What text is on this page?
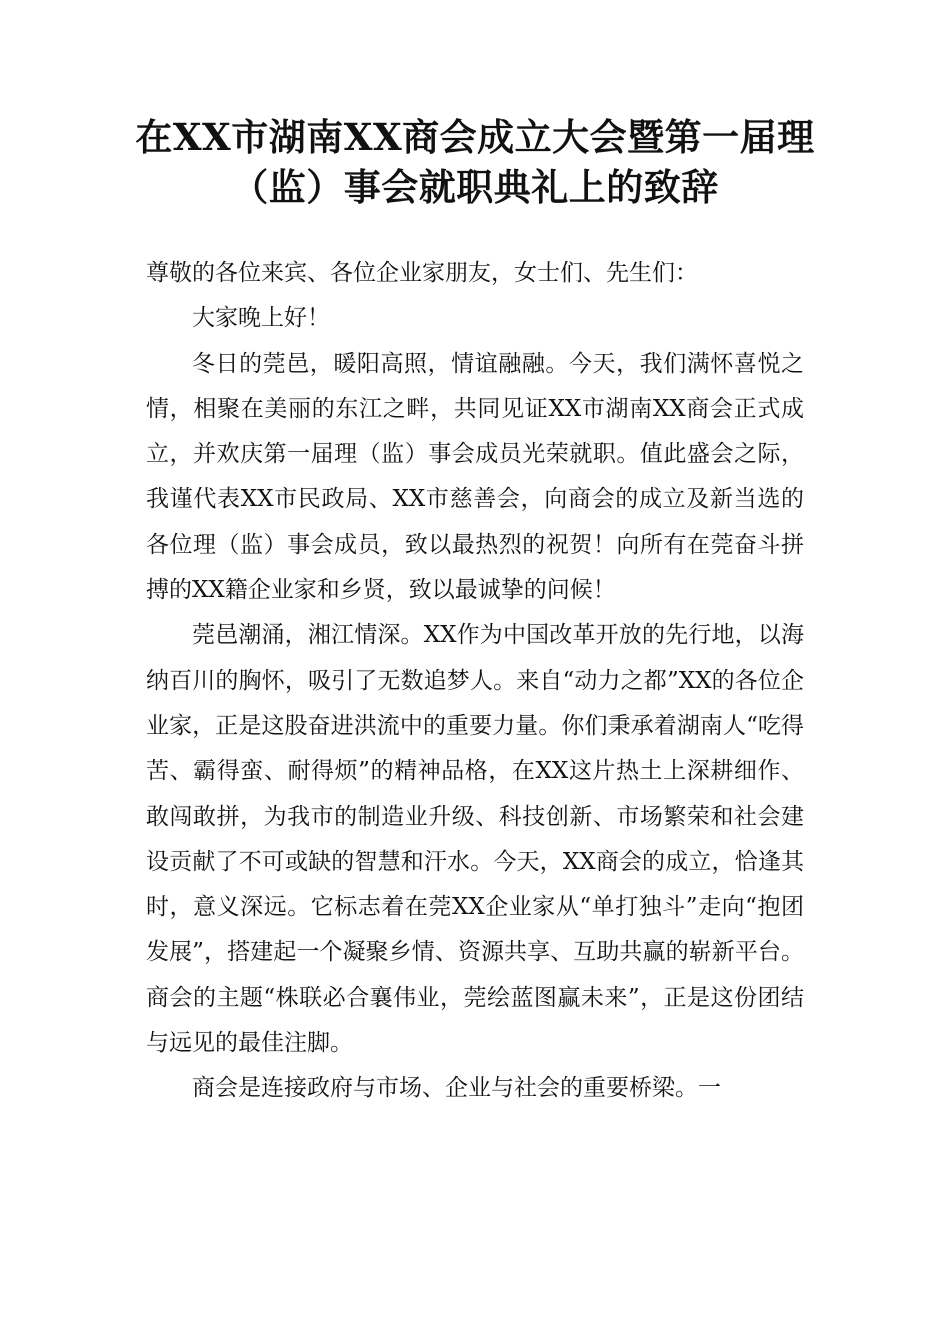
在XX市湖南XX商会成立大会暨第一届理
（监）事会就职典礼上的致辞

尊敬的各位来宾、各位企业家朋友，女士们、先生们：

大家晚上好！

冬日的莞邑，暖阳高照，情谊融融。今天，我们满怀喜悦之情，相聚在美丽的东江之畔，共同见证XX市湖南XX商会正式成立，并欢庆第一届理（监）事会成员光荣就职。值此盛会之际，我谨代表XX市民政局、XX市慈善会，向商会的成立及新当选的各位理（监）事会成员，致以最热烈的祝贺！向所有在莞奋斗拼搏的XX籍企业家和乡贤，致以最诚挚的问候！

莞邑潮涌，湘江情深。XX作为中国改革开放的先行地，以海纳百川的胸怀，吸引了无数追梦人。来自“动力之都”XX的各位企业家，正是这股奋进洪流中的重要力量。你们秉承着湖南人“吃得苦、霸得蛮、耐得烦”的精神品格，在XX这片热土上深耕细作、敢闯敢拼，为我市的制造业升级、科技创新、市场繁荣和社会建设贡献了不可或缺的智慧和汗水。今天，XX商会的成立，恰逢其时，意义深远。它标志着在莞XX企业家从“单打独斗”走向“抱团发展”，搭建起一个凝聚乡情、资源共享、互助共赢的崭新平台。商会的主题“株联必合襄伟业，莞绘蓝图赢未来”，正是这份团结与远见的最佳注脚。

商会是连接政府与市场、企业与社会的重要桥梁。一
